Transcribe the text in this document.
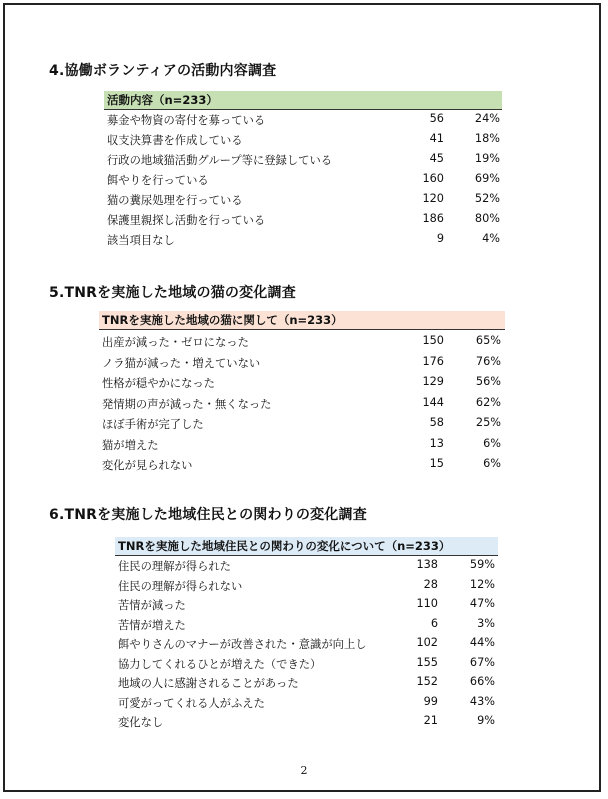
4.協働ボランティアの活動内容調査
活動内容（n=233）
募金や物資の寄付を募っている	56	24%
収支決算書を作成している	41	18%
行政の地域猫活動グループ等に登録している	45	19%
餌やりを行っている	160	69%
猫の糞尿処理を行っている	120	52%
保護里親探し活動を行っている	186	80%
該当項目なし	9	4%
5.TNRを実施した地域の猫の変化調査
TNRを実施した地域の猫に関して（n=233）
出産が減った・ゼロになった	150	65%
ノラ猫が減った・増えていない	176	76%
性格が穏やかになった	129	56%
発情期の声が減った・無くなった	144	62%
ほぼ手術が完了した	58	25%
猫が増えた	13	6%
変化が見られない	15	6%
6.TNRを実施した地域住民との関わりの変化調査
TNRを実施した地域住民との関わりの変化について（n=233）
住民の理解が得られた	138	59%
住民の理解が得られない	28	12%
苦情が減った	110	47%
苦情が増えた	6	3%
餌やりさんのマナーが改善された・意識が向上し	102	44%
協力してくれるひとが増えた（できた）	155	67%
地域の人に感謝されることがあった	152	66%
可愛がってくれる人がふえた	99	43%
変化なし	21	9%
2
